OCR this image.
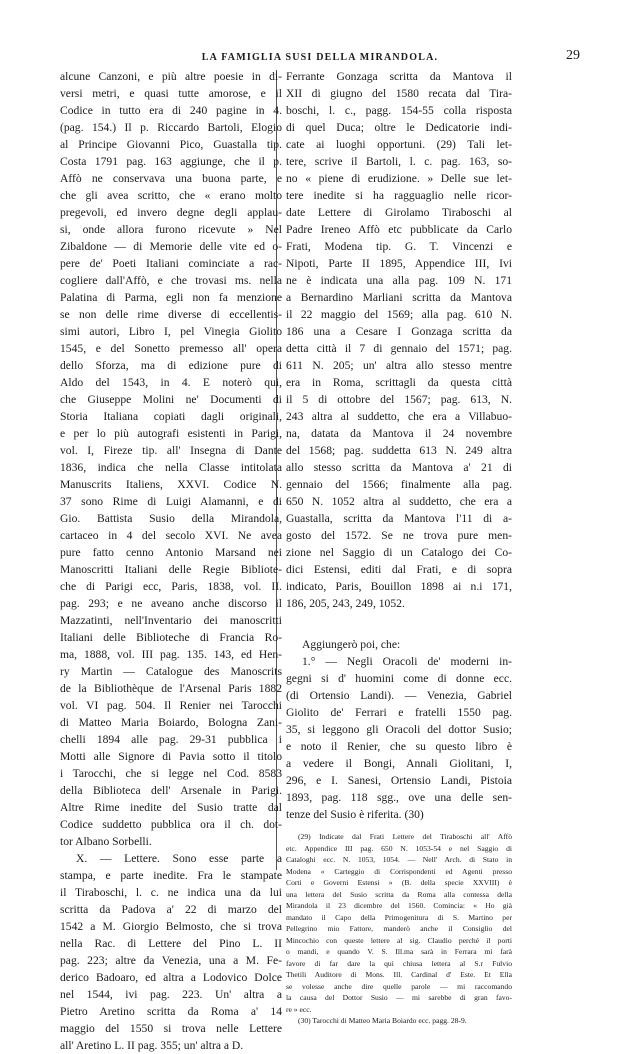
LA FAMIGLIA SUSI DELLA MIRANDOLA.	29
alcune Canzoni, e più altre poesie in di-
versi metri, e quasi tutte amorose, e il
Codice in tutto era di 240 pagine in 4.
(pag. 154.) Il p. Riccardo Bartoli, Elogio
al Principe Giovanni Pico, Guastalla tip.
Costa 1791 pag. 163 aggiunge, che il p.
Affò ne conservava una buona parte, e
che gli avea scritto, che « erano molto
pregevoli, ed invero degne degli applau-
si, onde allora furono ricevute » Nel
Zibaldone — di Memorie delle vite ed o-
pere de' Poeti Italiani cominciate a rac-
cogliere dall'Affò, e che trovasi ms. nella
Palatina di Parma, egli non fa menzione
se non delle rime diverse di eccellentis-
simi autori, Libro I, pel Vinegia Giolito
1545, e del Sonetto premesso all' opera
dello Sforza, ma di edizione pure di
Aldo del 1543, in 4. E noterò qui,
che Giuseppe Molini ne' Documenti di
Storia Italiana copiati dagli originali,
e per lo più autografi esistenti in Parigi,
vol. I, Fireze tip. all' Insegna di Dante
1836, indica che nella Classe intitolata
Manuscrits Italiens, XXVI. Codice N.
37 sono Rime di Luigi Alamanni, e di
Gio. Battista Susio della Mirandola,
cartaceo in 4 del secolo XVI. Ne avea
pure fatto cenno Antonio Marsand nei
Manoscritti Italiani delle Regie Bibliote-
che di Parigi ecc, Paris, 1838, vol. II.
pag. 293; e ne aveano anche discorso il
Mazzatinti, nell'Inventario dei manoscritti
Italiani delle Biblioteche di Francia Ro-
ma, 1888, vol. III pag. 135. 143, ed Hen-
ry Martin — Catalogue des Manoscrits
de la Bibliothèque de l'Arsenal Paris 1882
vol. VI pag. 504. Il Renier nei Tarocchi
di Matteo Maria Boiardo, Bologna Zani-
chelli 1894 alle pag. 29-31 pubblica i
Motti alle Signore di Pavia sotto il titolo
i Tarocchi, che si legge nel Cod. 8583
della Biblioteca dell' Arsenale in Parigi.
Altre Rime inedite del Susio tratte dal
Codice suddetto pubblica ora il ch. dot-
tor Albano Sorbelli.
X. — Lettere. Sono esse parte a
stampa, e parte inedite. Fra le stampate
il Tiraboschi, l. c. ne indica una da lui
scritta da Padova a' 22 di marzo del
1542 a M. Giorgio Belmosto, che si trova
nella Rac. di Lettere del Pino L. II
pag. 223; altre da Venezia, una a M. Fe-
derico Badoaro, ed altra a Lodovico Dolce
nel 1544, ivi pag. 223. Un' altra a
Pietro Aretino scritta da Roma a' 14
maggio del 1550 si trova nelle Lettere
all' Aretino L. II pag. 355; un' altra a D.
Ferrante Gonzaga scritta da Mantova il
XII di giugno del 1580 recata dal Tira-
boschi, l. c., pagg. 154-55 colla risposta
di quel Duca; oltre le Dedicatorie indi-
cate ai luoghi opportuni. (29) Tali let-
tere, scrive il Bartoli, l. c. pag. 163, so-
no « piene di erudizione. » Delle sue let-
tere inedite si ha ragguaglio nelle ricor-
date Lettere di Girolamo Tiraboschi al
Padre Ireneo Affò etc pubblicate da Carlo
Frati, Modena tip. G. T. Vincenzi e
Nipoti, Parte II 1895, Appendice III, Ivi
ne è indicata una alla pag. 109 N. 171
a Bernardino Marliani scritta da Mantova
il 22 maggio del 1569; alla pag. 610 N.
186 una a Cesare I Gonzaga scritta da
detta città il 7 di gennaio del 1571; pag.
611 N. 205; un' altra allo stesso mentre
era in Roma, scrittagli da questa città
il 5 di ottobre del 1567; pag. 613, N.
243 altra al suddetto, che era a Villabuo-
na, datata da Mantova il 24 novembre
del 1568; pag. suddetta 613 N. 249 altra
allo stesso scritta da Mantova a' 21 di
gennaio del 1566; finalmente alla pag.
650 N. 1052 altra al suddetto, che era a
Guastalla, scritta da Mantova l'11 di a-
gosto del 1572. Se ne trova pure men-
zione nel Saggio di un Catalogo dei Co-
dici Estensi, editi dal Frati, e di sopra
indicato, Paris, Bouillon 1898 ai n.i 171,
186, 205, 243, 249, 1052.
Aggiungerò poi, che:
1.° — Negli Oracoli de' moderni in-
gegni si d' huomini come di donne ecc.
(di Ortensio Landi). — Venezia, Gabriel
Giolito de' Ferrari e fratelli 1550 pag.
35, si leggono gli Oracoli del dottor Susio;
e noto il Renier, che su questo libro è
a vedere il Bongi, Annali Giolitani, I,
296, e I. Sanesi, Ortensio Landi, Pistoia
1893, pag. 118 sgg., ove una delle sen-
tenze del Susio è riferita. (30)
(29) Indicate dal Frati Lettere del Tiraboschi all' Affò
etc. Appendice III pag. 650 N. 1053-54 e nel Saggio di
Cataloghi ecc. N. 1053, 1054. — Nell' Arch. di Stato in
Modena « Carteggio di Corrispondenti ed Agenti presso
Corti e Governi Estensi » (B. della specie XXVIII) è
una lettera del Susio scritta da Roma alla contessa della
Mirandola il 23 dicembre del 1560. Comincia: « Ho già
mandato il Capo della Primogenitura di S. Martino per
Pellegrino mio Fattore, manderò anche il Consiglio del
Mincochio con queste lettere al sig. Claudio perché il porti
o mandi, e quando V. S. Ill.ma sarà in Ferrara mi farà
favore di far dare la qui chiusa lettera al S.r Fulvio
Thetili Auditore di Mons. Ill. Cardinal d' Este. Et Ella
se volesse anche dire quelle parole — mi raccomando
la causa del Dottor Susio — mi sarebbe di gran favo-
re » ecc.
(30) Tarocchi di Matteo Maria Boiardo ecc. pagg. 28-9.
